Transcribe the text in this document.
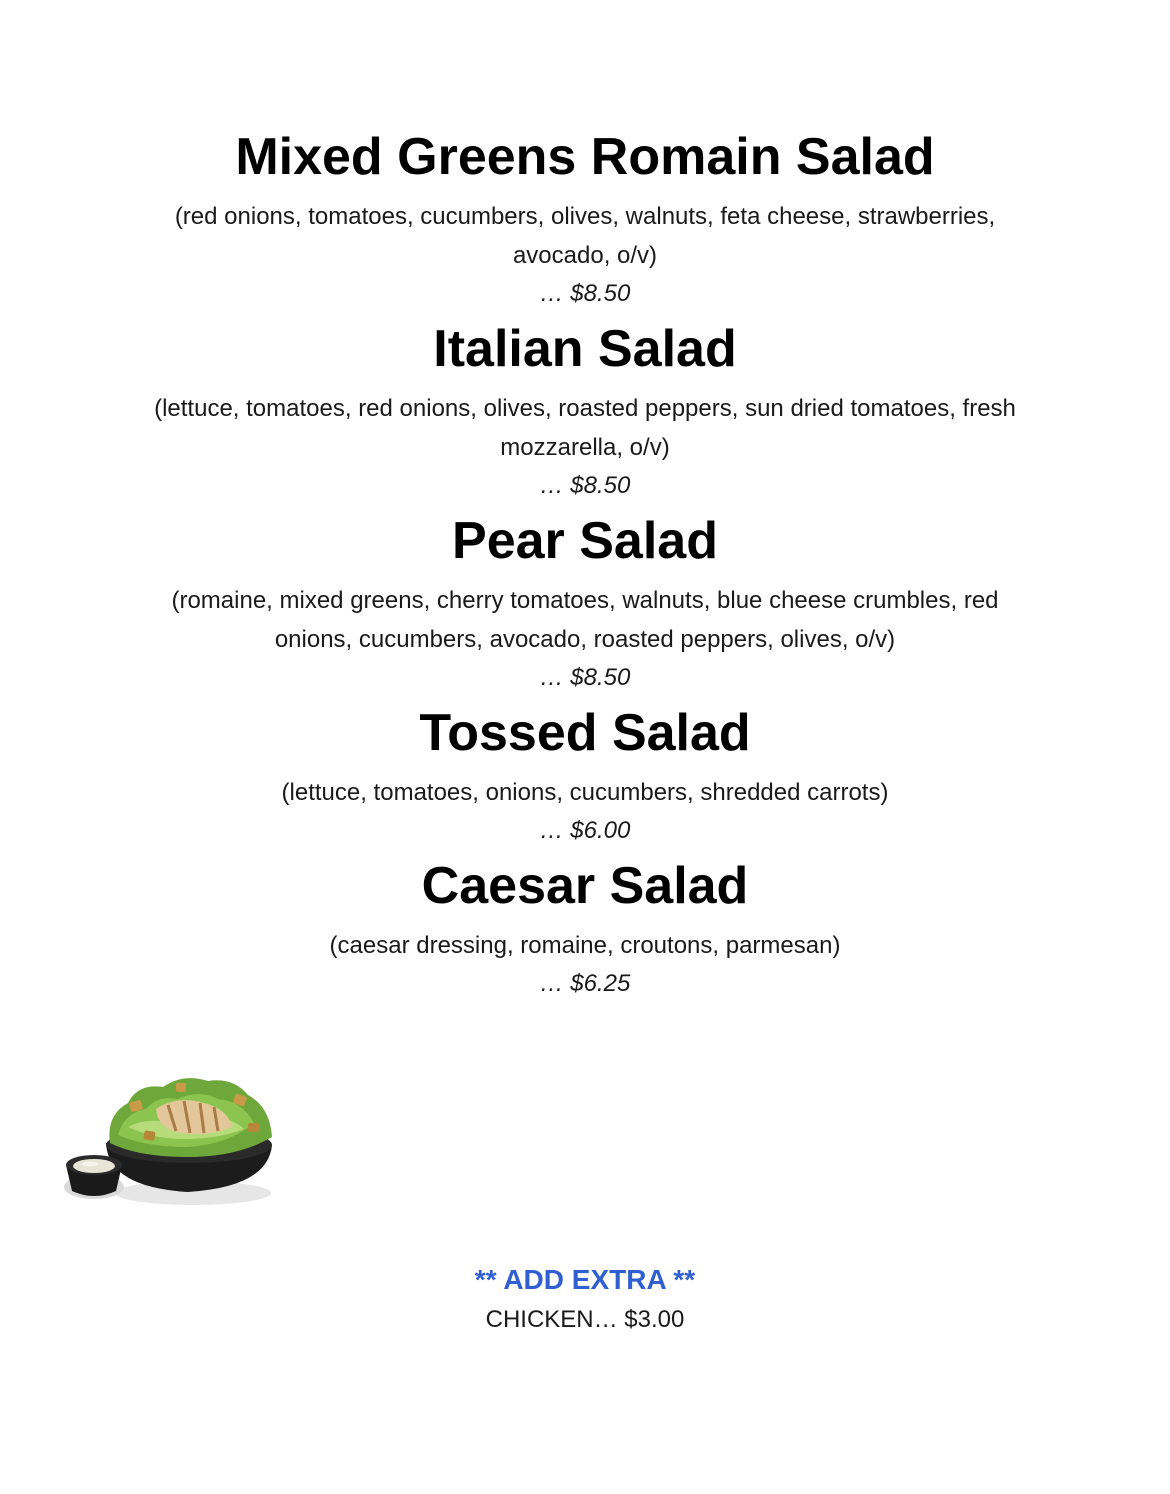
Mixed Greens Romain Salad

(red onions, tomatoes, cucumbers, olives, walnuts, feta cheese, strawberries, avocado, o/v)

… $8.50

Italian Salad

(lettuce, tomatoes, red onions, olives, roasted peppers, sun dried tomatoes, fresh mozzarella, o/v)

… $8.50

Pear Salad

(romaine, mixed greens, cherry tomatoes, walnuts, blue cheese crumbles, red onions, cucumbers, avocado, roasted peppers, olives, o/v)

… $8.50

Tossed Salad

(lettuce, tomatoes, onions, cucumbers, shredded carrots)

… $6.00

Caesar Salad

(caesar dressing, romaine, croutons, parmesan)

… $6.25

** ADD EXTRA **

CHICKEN… $3.00
